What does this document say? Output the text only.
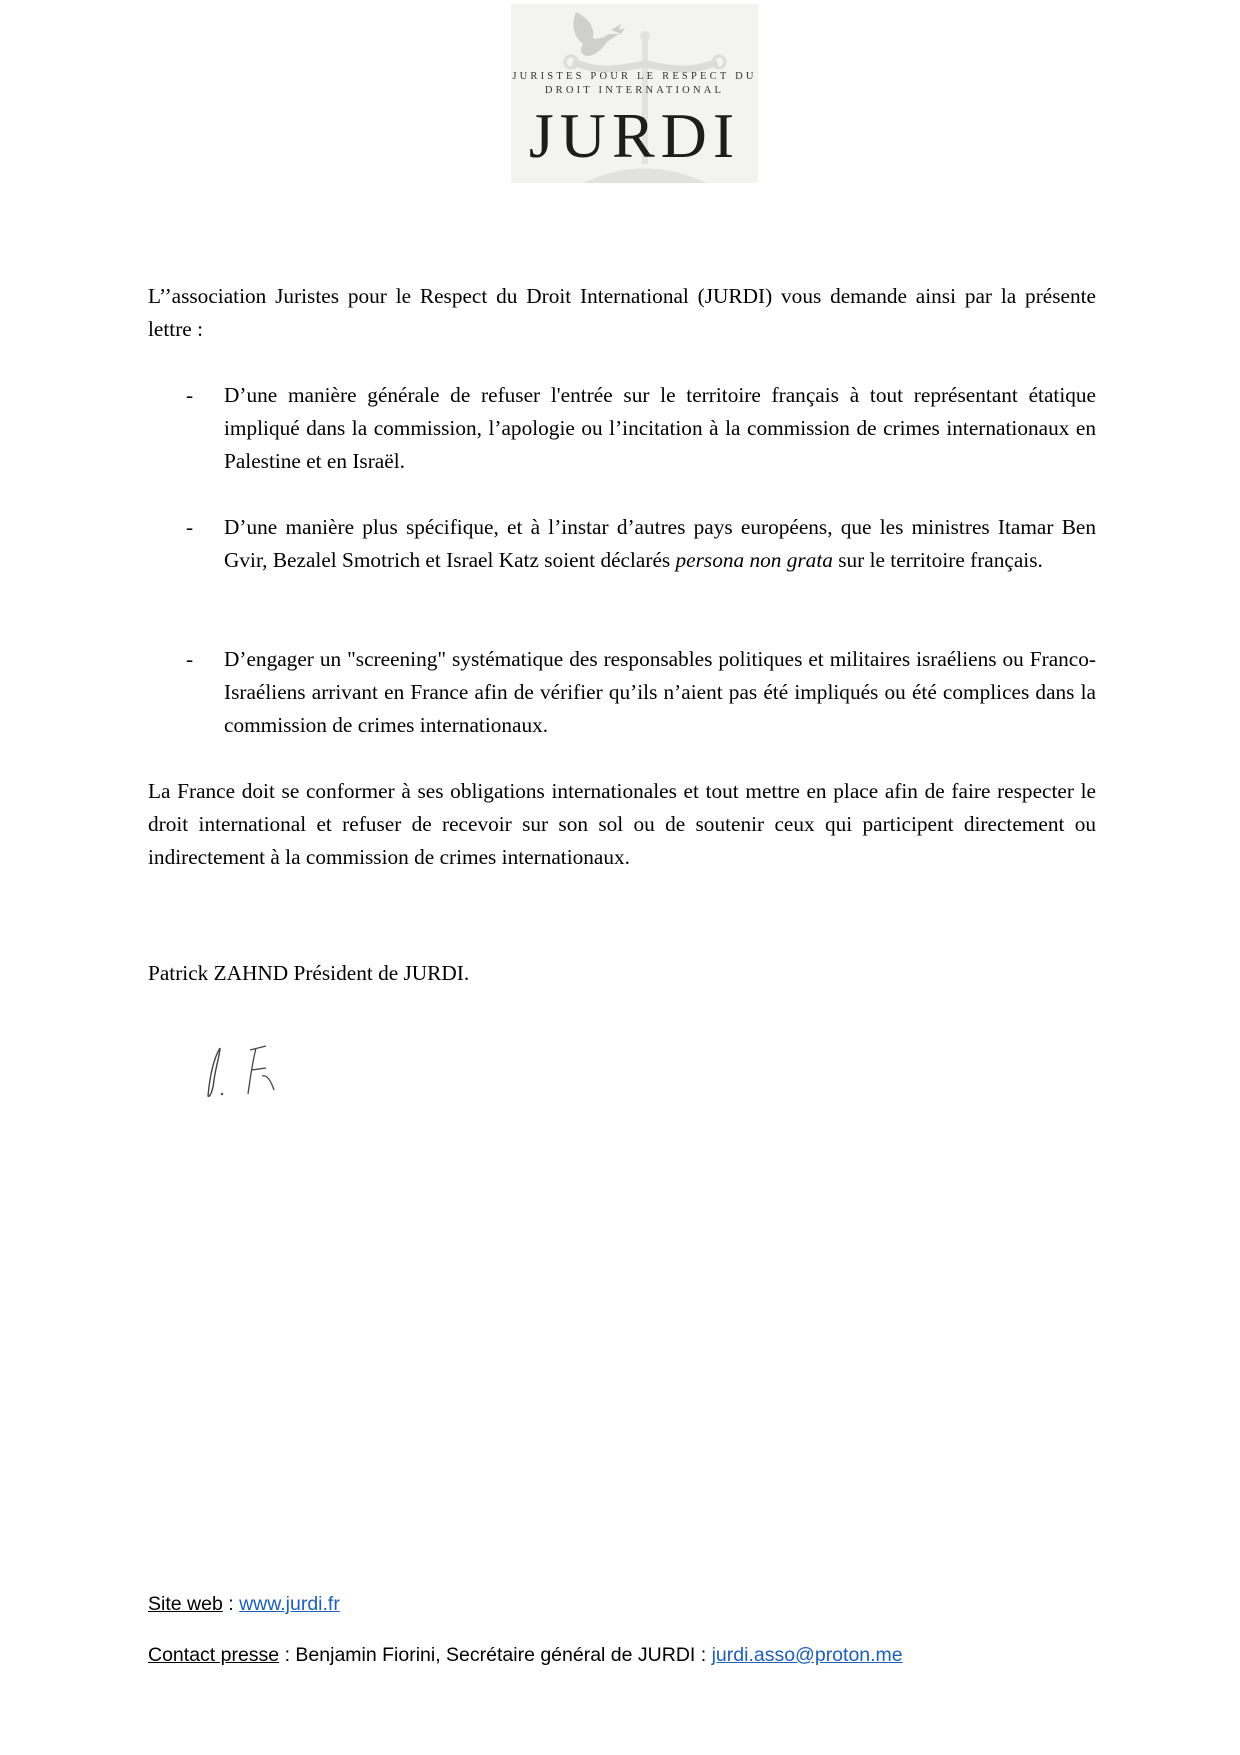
JURISTES POUR LE RESPECT DU
DROIT INTERNATIONAL
JURDI
L’’association Juristes pour le Respect du Droit International (JURDI) vous demande ainsi par la présente lettre :
- D’une manière générale de refuser l'entrée sur le territoire français à tout représentant étatique impliqué dans la commission, l’apologie ou l’incitation à la commission de crimes internationaux en Palestine et en Israël.
- D’une manière plus spécifique, et à l’instar d’autres pays européens, que les ministres Itamar Ben Gvir, Bezalel Smotrich et Israel Katz soient déclarés persona non grata sur le territoire français.
- D’engager un "screening" systématique des responsables politiques et militaires israéliens ou Franco-Israéliens arrivant en France afin de vérifier qu’ils n’aient pas été impliqués ou été complices dans la commission de crimes internationaux.
La France doit se conformer à ses obligations internationales et tout mettre en place afin de faire respecter le droit international et refuser de recevoir sur son sol ou de soutenir ceux qui participent directement ou indirectement à la commission de crimes internationaux.
Patrick ZAHND Président de JURDI.
Site web : www.jurdi.fr
Contact presse : Benjamin Fiorini, Secrétaire général de JURDI : jurdi.asso@proton.me
